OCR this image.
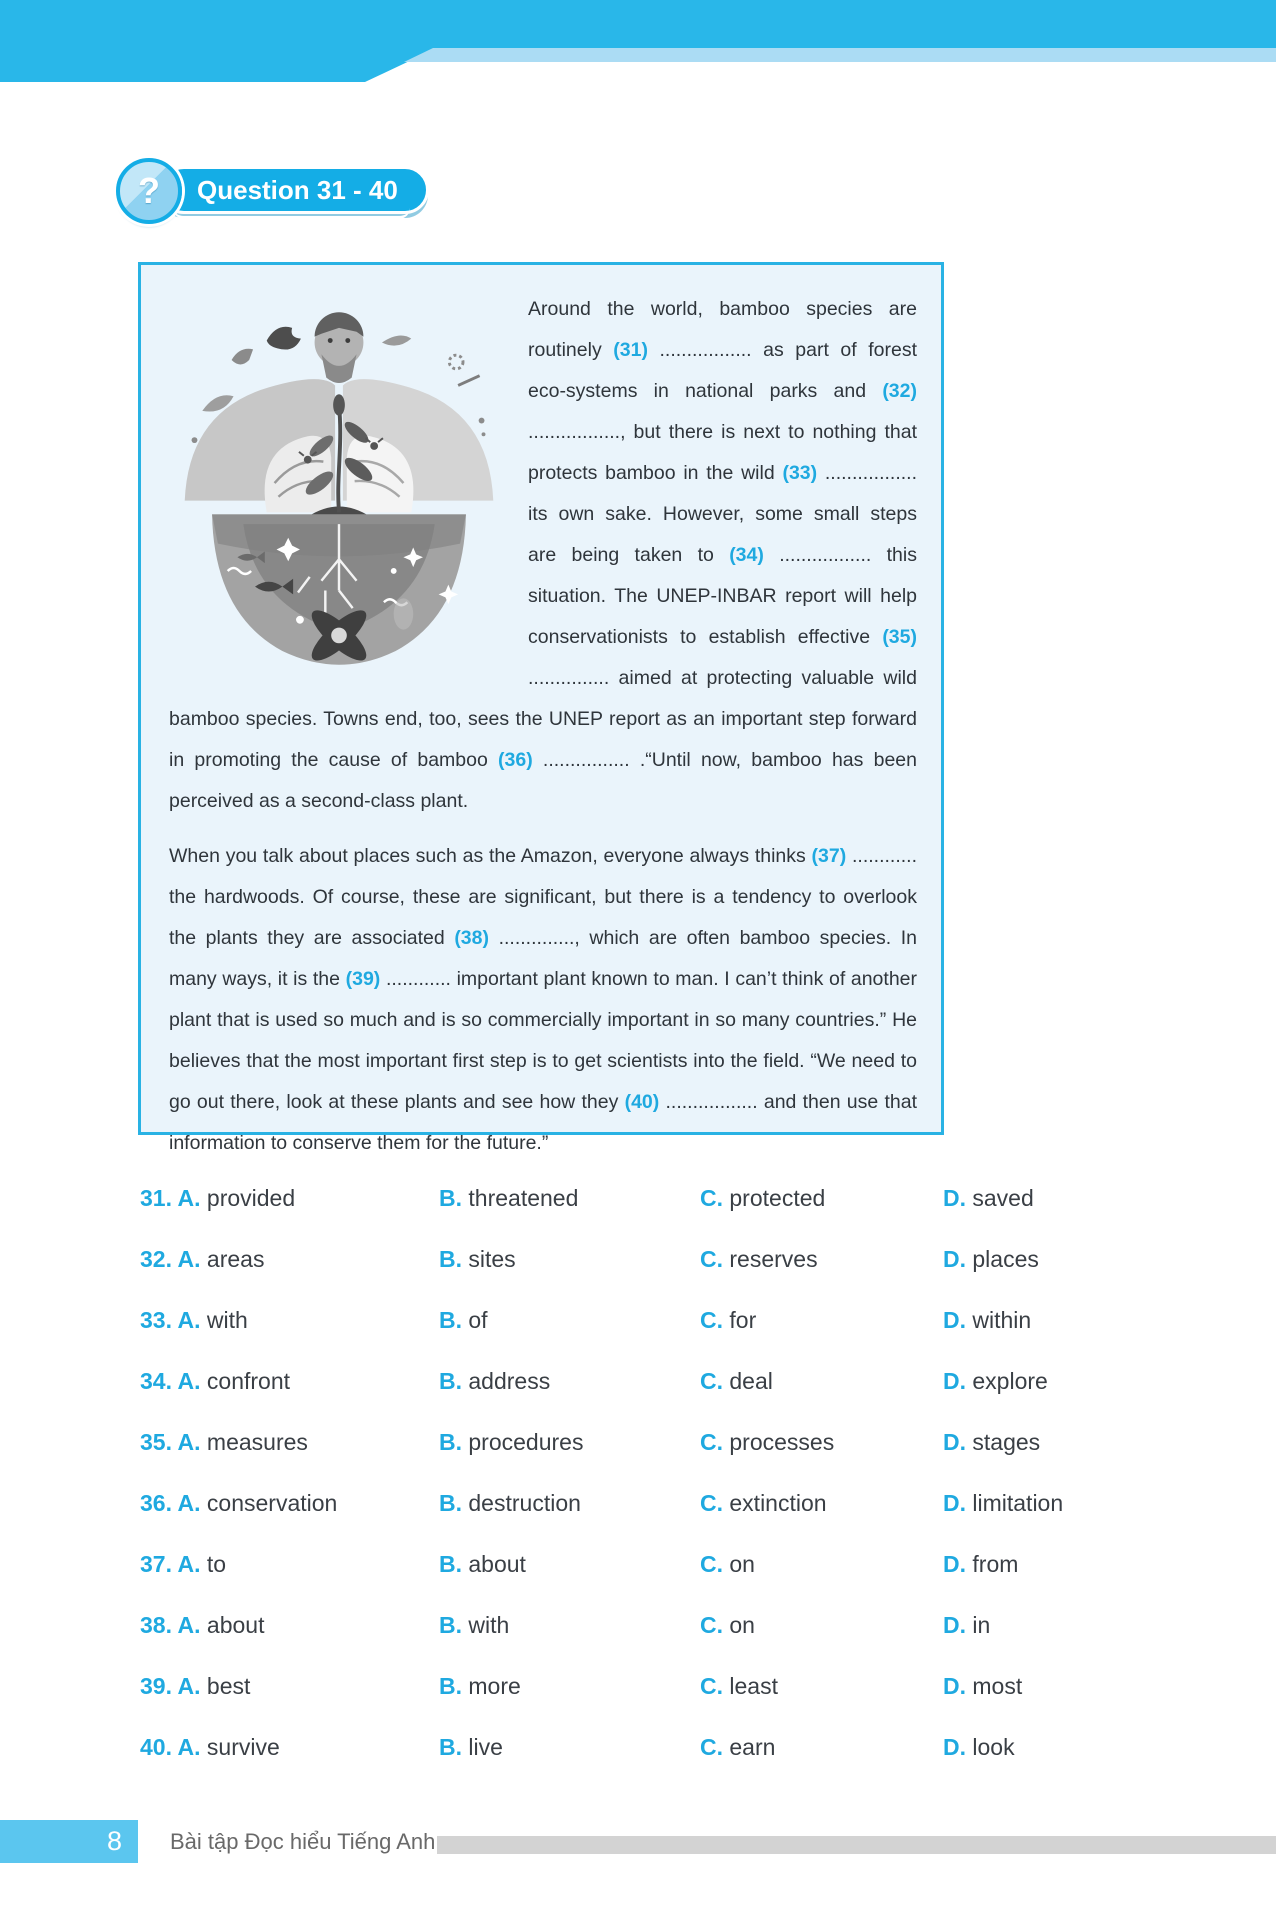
? Question 31 - 40

Around the world, bamboo species are routinely (31) ................. as part of forest eco-systems in national parks and (32) ................., but there is next to nothing that protects bamboo in the wild (33) ................. its own sake. However, some small steps are being taken to (34) ................. this situation. The UNEP-INBAR report will help conservationists to establish effective (35) ............... aimed at protecting valuable wild bamboo species. Towns end, too, sees the UNEP report as an important step forward in promoting the cause of bamboo (36) ................ .“Until now, bamboo has been perceived as a second-class plant.

When you talk about places such as the Amazon, everyone always thinks (37) ............ the hardwoods. Of course, these are significant, but there is a tendency to overlook the plants they are associated (38) .............., which are often bamboo species. In many ways, it is the (39) ............ important plant known to man. I can’t think of another plant that is used so much and is so commercially important in so many countries.” He believes that the most important first step is to get scientists into the field. “We need to go out there, look at these plants and see how they (40) ................. and then use that information to conserve them for the future.”

31. A. provided	B. threatened	C. protected	D. saved
32. A. areas	B. sites	C. reserves	D. places
33. A. with	B. of	C. for	D. within
34. A. confront	B. address	C. deal	D. explore
35. A. measures	B. procedures	C. processes	D. stages
36. A. conservation	B. destruction	C. extinction	D. limitation
37. A. to	B. about	C. on	D. from
38. A. about	B. with	C. on	D. in
39. A. best	B. more	C. least	D. most
40. A. survive	B. live	C. earn	D. look
8 Bài tập Đọc hiểu Tiếng Anh
